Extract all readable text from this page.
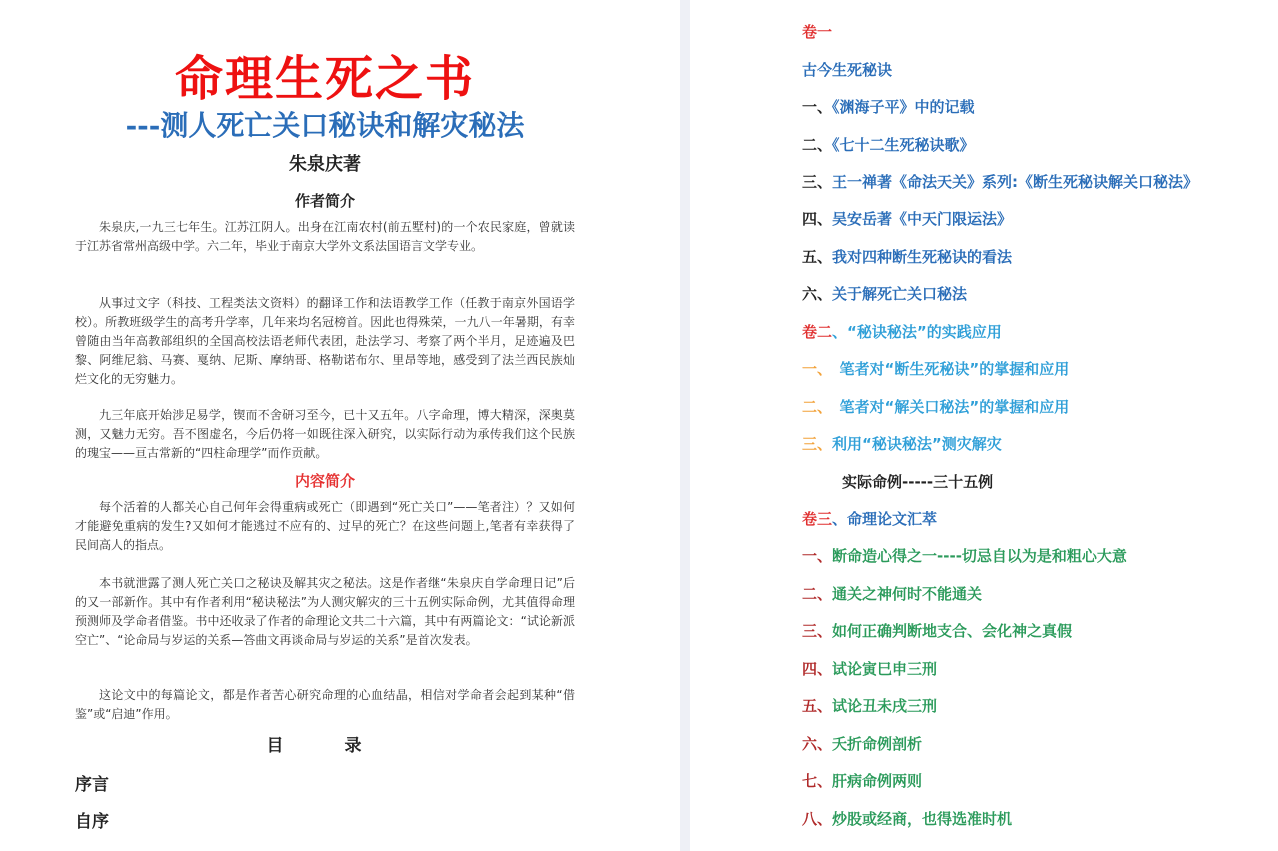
命理生死之书
---测人死亡关口秘诀和解灾秘法
朱泉庆著
作者简介

朱泉庆,一九三七年生。江苏江阴人。出身在江南农村(前五墅村)的一个农民家庭，曾就读于江苏省常州高级中学。六二年，毕业于南京大学外文系法国语言文学专业。

从事过文字（科技、工程类法文资料）的翻译工作和法语教学工作（任教于南京外国语学校）。所教班级学生的高考升学率，几年来均名冠榜首。因此也得殊荣，一九八一年暑期，有幸曾随由当年高教部组织的全国高校法语老师代表团，赴法学习、考察了两个半月，足迹遍及巴黎、阿维尼翁、马赛、戛纳、尼斯、摩纳哥、格勒诺布尔、里昂等地，感受到了法兰西民族灿烂文化的无穷魅力。

九三年底开始涉足易学，锲而不舍研习至今，已十又五年。八字命理，博大精深，深奥莫测，又魅力无穷。吾不图虚名，今后仍将一如既往深入研究，以实际行动为承传我们这个民族的瑰宝——亘古常新的“四柱命理学”而作贡献。

内容简介

每个活着的人都关心自己何年会得重病或死亡（即遇到“死亡关口”——笔者注）？又如何才能避免重病的发生?又如何才能逃过不应有的、过早的死亡？在这些问题上,笔者有幸获得了民间高人的指点。

本书就泄露了测人死亡关口之秘诀及解其灾之秘法。这是作者继“朱泉庆自学命理日记”后的又一部新作。其中有作者利用“秘诀秘法”为人测灾解灾的三十五例实际命例，尤其值得命理预测师及学命者借鉴。书中还收录了作者的命理论文共二十六篇，其中有两篇论文：“试论新派空亡”、“论命局与岁运的关系—答曲文再谈命局与岁运的关系”是首次发表。

这论文中的每篇论文，都是作者苦心研究命理的心血结晶，相信对学命者会起到某种“借鉴”或“启迪”作用。

目　录
序言
自序
卷一
古今生死秘诀
一、《渊海子平》中的记载
二、《七十二生死秘诀歌》
三、王一禅著《命法天关》系列:《断生死秘诀解关口秘法》
四、吴安岳著《中天门限运法》
五、我对四种断生死秘诀的看法
六、关于解死亡关口秘法
卷二、“秘诀秘法”的实践应用
一、　笔者对“断生死秘诀”的掌握和应用
二、　笔者对“解关口秘法”的掌握和应用
三、利用“秘诀秘法”测灾解灾
实际命例-----三十五例
卷三、命理论文汇萃
一、断命造心得之一----切忌自以为是和粗心大意
二、通关之神何时不能通关
三、如何正确判断地支合、会化神之真假
四、试论寅巳申三刑
五、试论丑未戌三刑
六、夭折命例剖析
七、肝病命例两则
八、炒股或经商，也得选准时机
